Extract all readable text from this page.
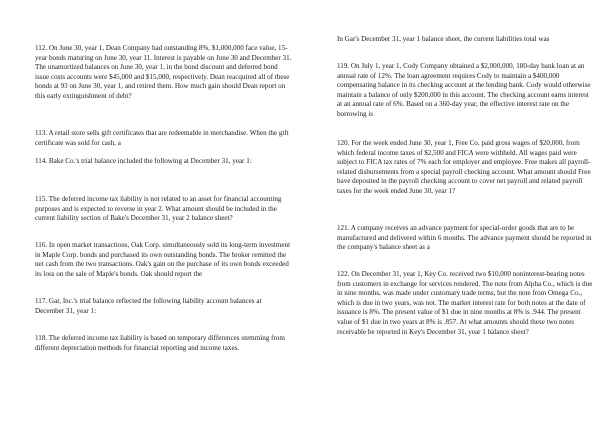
112. On June 30, year 1, Dean Company had outstanding 8%, $1,000,000 face value, 15-year bonds maturing on June 30, year 11. Interest is payable on June 30 and December 31. The unamortized balances on June 30, year 1, in the bond discount and deferred bond issue costs accounts were $45,000 and $15,000, respectively. Dean reacquired all of these bonds at 93 on June 30, year 1, and retired them. How much gain should Dean report on this early extinguishment of debt?

113. A retail store sells gift certificates that are redeemable in merchandise. When the gift certificate was sold for cash, a

114. Bake Co.'s trial balance included the following at December 31, year 1:

115. The deferred income tax liability is not related to an asset for financial accounting purposes and is expected to reverse in year 2. What amount should be included in the current liability section of Bake's December 31, year 2 balance sheet?

116. In open market transactions, Oak Corp. simultaneously sold its long-term investment in Maple Corp. bonds and purchased its own outstanding bonds. The broker remitted the net cash from the two transactions. Oak's gain on the purchase of its own bonds exceeded its loss on the sale of Maple's bonds. Oak should report the

117. Gar, Inc.'s trial balance reflected the following liability account balances at December 31, year 1:

118. The deferred income tax liability is based on temporary differences stemming from different depreciation methods for financial reporting and income taxes.

In Gar's December 31, year 1 balance sheet, the current liabilities total was

119. On July 1, year 1, Cody Company obtained a $2,000,000, 180-day bank loan at an annual rate of 12%. The loan agreement requires Cody to maintain a $400,000 compensating balance in its checking account at the lending bank. Cody would otherwise maintain a balance of only $200,000 in this account. The checking account earns interest at an annual rate of 6%. Based on a 360-day year, the effective interest rate on the borrowing is

120. For the week ended June 30, year 1, Free Co. paid gross wages of $20,000, from which federal income taxes of $2,500 and FICA were withheld. All wages paid were subject to FICA tax rates of 7% each for employer and employee. Free makes all payroll-related disbursements from a special payroll checking account. What amount should Free have deposited in the payroll checking account to cover net payroll and related payroll taxes for the week ended June 30, year 1?

121. A company receives an advance payment for special-order goods that are to be manufactured and delivered within 6 months. The advance payment should be reported in the company's balance sheet as a

122. On December 31, year 1, Key Co. received two $10,000 noninterest-bearing notes from customers in exchange for services rendered. The note from Alpha Co., which is due in nine months, was made under customary trade terms, but the note from Omega Co., which is due in two years, was not. The market interest rate for both notes at the date of issuance is 8%. The present value of $1 due in nine months at 8% is .944. The present value of $1 due in two years at 8% is .857. At what amounts should these two notes receivable be reported in Key's December 31, year 1 balance sheet?
